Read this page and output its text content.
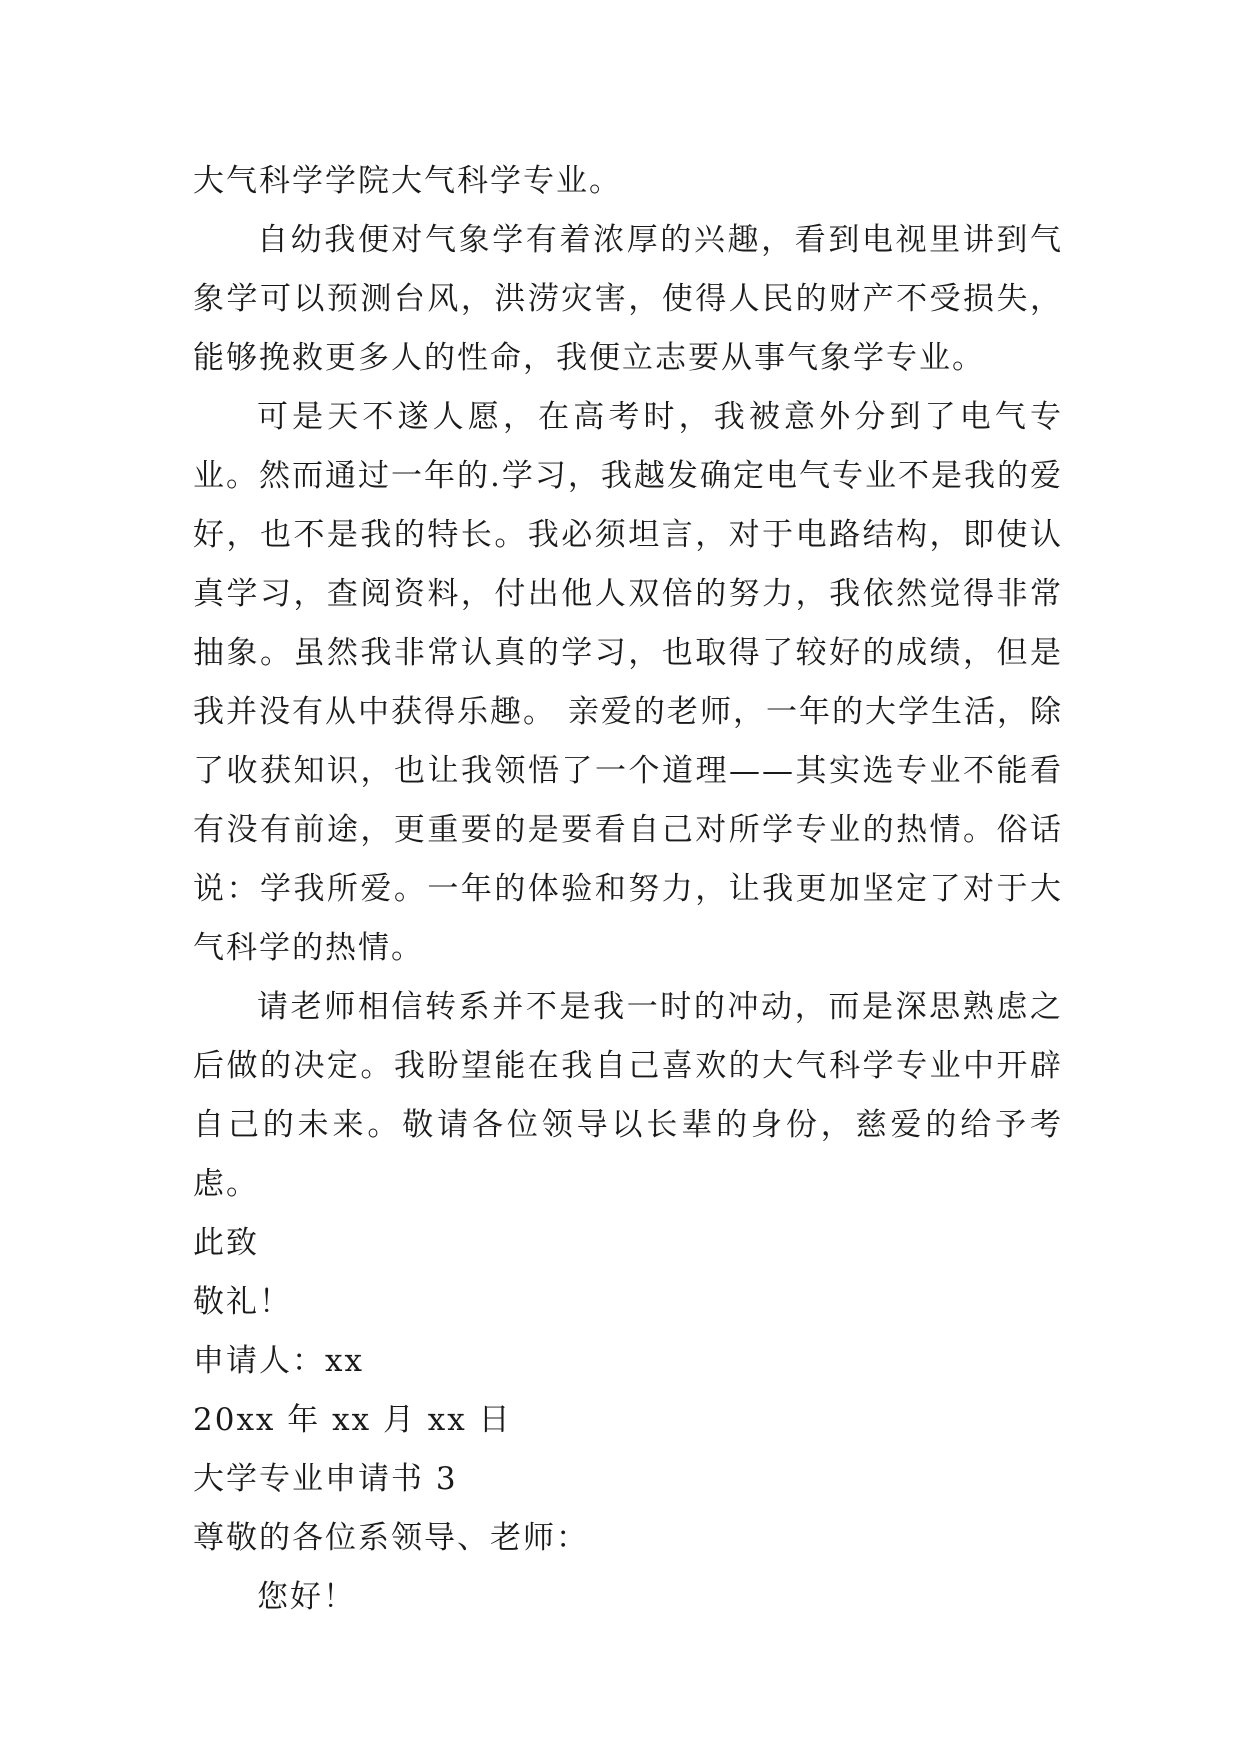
大气科学学院大气科学专业。

自幼我便对气象学有着浓厚的兴趣，看到电视里讲到气象学可以预测台风，洪涝灾害，使得人民的财产不受损失，能够挽救更多人的性命，我便立志要从事气象学专业。

可是天不遂人愿，在高考时，我被意外分到了电气专业。然而通过一年的.学习，我越发确定电气专业不是我的爱好，也不是我的特长。我必须坦言，对于电路结构，即使认真学习，查阅资料，付出他人双倍的努力，我依然觉得非常抽象。虽然我非常认真的学习，也取得了较好的成绩，但是我并没有从中获得乐趣。 亲爱的老师，一年的大学生活，除了收获知识，也让我领悟了一个道理——其实选专业不能看有没有前途，更重要的是要看自己对所学专业的热情。俗话说：学我所爱。一年的体验和努力，让我更加坚定了对于大气科学的热情。

请老师相信转系并不是我一时的冲动，而是深思熟虑之后做的决定。我盼望能在我自己喜欢的大气科学专业中开辟自己的未来。敬请各位领导以长辈的身份，慈爱的给予考虑。

此致

敬礼！

申请人：xx

20xx 年 xx 月 xx 日

大学专业申请书 3

尊敬的各位系领导、老师：

您好！
